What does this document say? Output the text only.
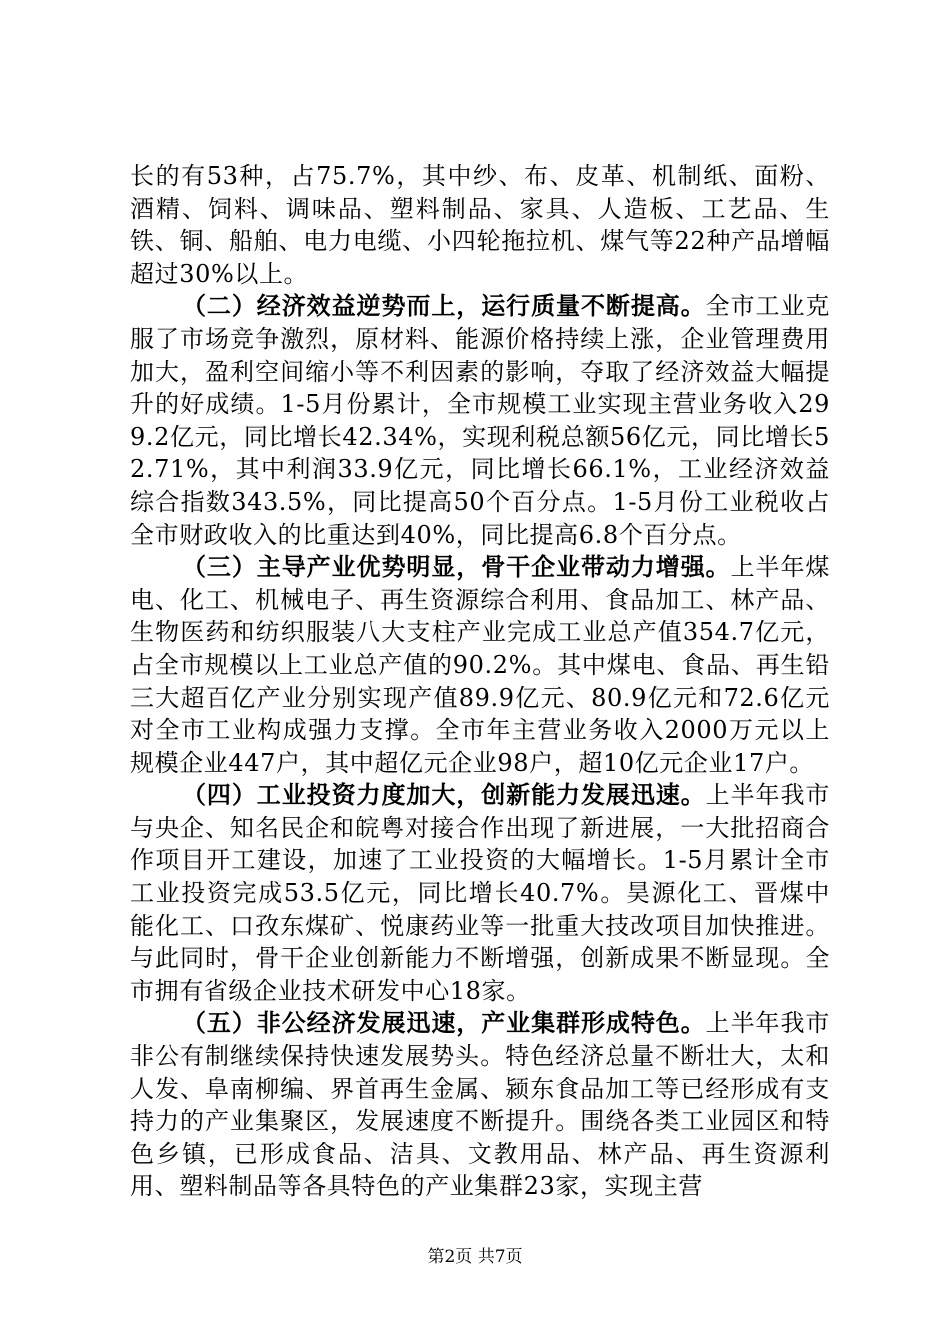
长的有53种，占75.7%，其中纱、布、皮革、机制纸、面粉、酒精、饲料、调味品、塑料制品、家具、人造板、工艺品、生铁、铜、船舶、电力电缆、小四轮拖拉机、煤气等22种产品增幅超过30%以上。

（二）经济效益逆势而上，运行质量不断提高。全市工业克服了市场竞争激烈，原材料、能源价格持续上涨，企业管理费用加大，盈利空间缩小等不利因素的影响，夺取了经济效益大幅提升的好成绩。1-5月份累计，全市规模工业实现主营业务收入299.2亿元，同比增长42.34%，实现利税总额56亿元，同比增长52.71%，其中利润33.9亿元，同比增长66.1%，工业经济效益综合指数343.5%，同比提高50个百分点。1-5月份工业税收占全市财政收入的比重达到40%，同比提高6.8个百分点。

（三）主导产业优势明显，骨干企业带动力增强。上半年煤电、化工、机械电子、再生资源综合利用、食品加工、林产品、生物医药和纺织服装八大支柱产业完成工业总产值354.7亿元，占全市规模以上工业总产值的90.2%。其中煤电、食品、再生铅三大超百亿产业分别实现产值89.9亿元、80.9亿元和72.6亿元对全市工业构成强力支撑。全市年主营业务收入2000万元以上规模企业447户，其中超亿元企业98户，超10亿元企业17户。

（四）工业投资力度加大，创新能力发展迅速。上半年我市与央企、知名民企和皖粤对接合作出现了新进展，一大批招商合作项目开工建设，加速了工业投资的大幅增长。1-5月累计全市工业投资完成53.5亿元，同比增长40.7%。昊源化工、晋煤中能化工、口孜东煤矿、悦康药业等一批重大技改项目加快推进。与此同时，骨干企业创新能力不断增强，创新成果不断显现。全市拥有省级企业技术研发中心18家。

（五）非公经济发展迅速，产业集群形成特色。上半年我市非公有制继续保持快速发展势头。特色经济总量不断壮大，太和人发、阜南柳编、界首再生金属、颍东食品加工等已经形成有支持力的产业集聚区，发展速度不断提升。围绕各类工业园区和特色乡镇，已形成食品、洁具、文教用品、林产品、再生资源利用、塑料制品等各具特色的产业集群23家，实现主营

第2页 共7页
